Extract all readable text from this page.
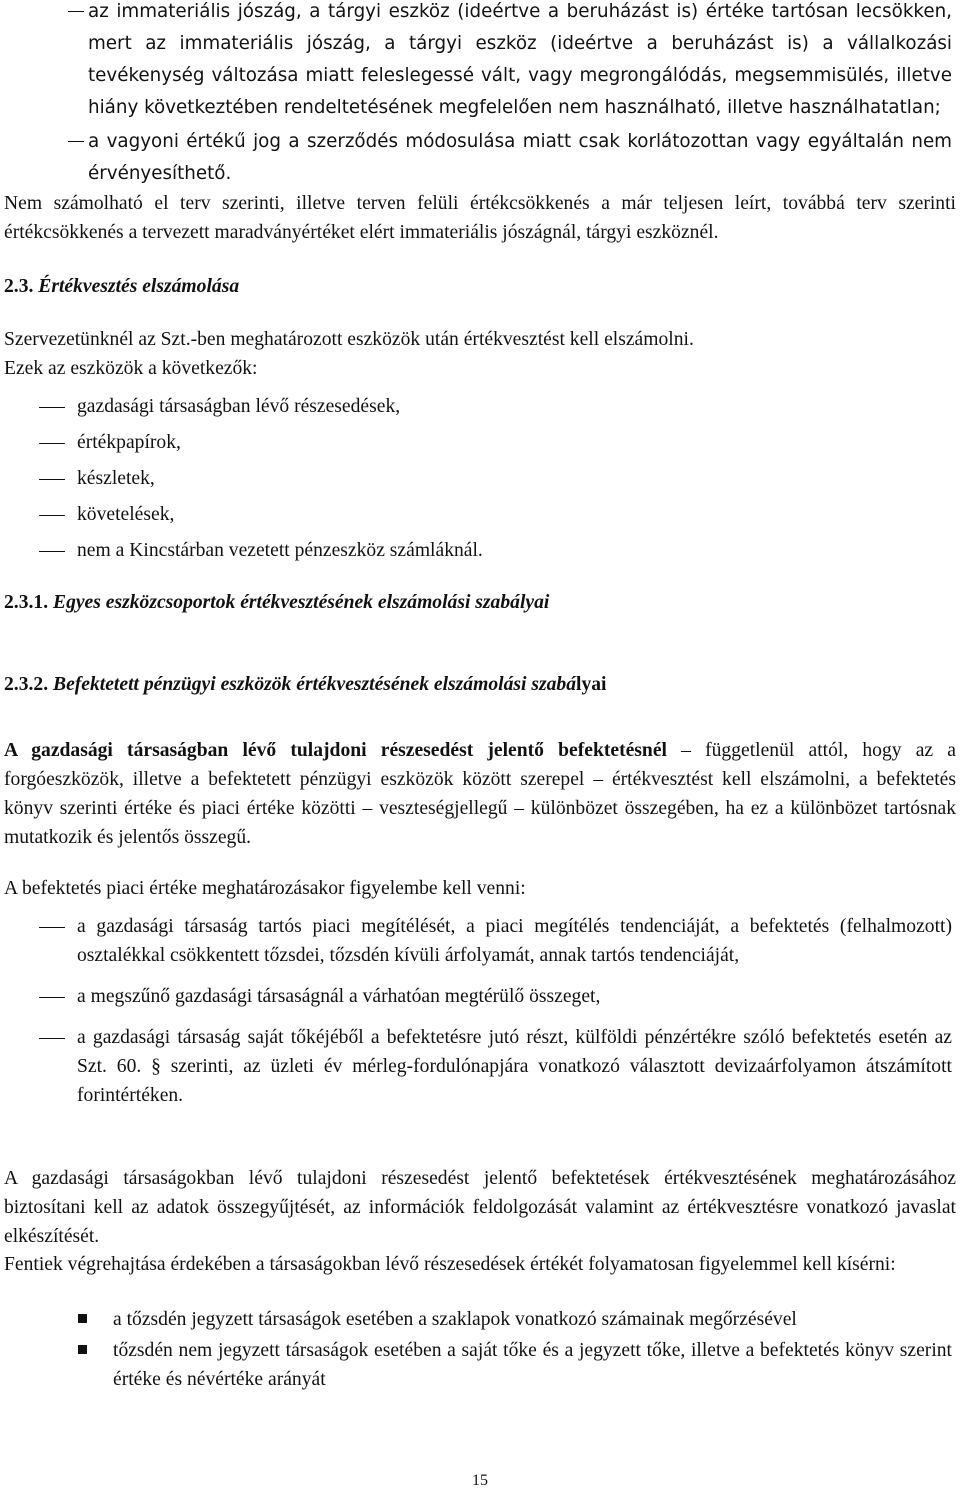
az immateriális jószág, a tárgyi eszköz (ideértve a beruházást is) értéke tartósan lecsökken, mert az immateriális jószág, a tárgyi eszköz (ideértve a beruházást is) a vállalkozási tevékenység változása miatt feleslegessé vált, vagy megrongálódás, megsemmisülés, illetve hiány következtében rendeltetésének megfelelően nem használható, illetve használhatatlan;
a vagyoni értékű jog a szerződés módosulása miatt csak korlátozottan vagy egyáltalán nem érvényesíthető.
Nem számolható el terv szerinti, illetve terven felüli értékcsökkenés a már teljesen leírt, továbbá terv szerinti értékcsökkenés a tervezett maradványértéket elért immateriális jószágnál, tárgyi eszköznél.
2.3. Értékvesztés elszámolása
Szervezetünknél az Szt.-ben meghatározott eszközök után értékvesztést kell elszámolni.
Ezek az eszközök a következők:
gazdasági társaságban lévő részesedések,
értékpapírok,
készletek,
követelések,
nem a Kincstárban vezetett pénzeszköz számláknál.
2.3.1. Egyes eszközcsoportok értékvesztésének elszámolási szabályai
2.3.2. Befektetett pénzügyi eszközök értékvesztésének elszámolási szabályai
A gazdasági társaságban lévő tulajdoni részesedést jelentő befektetésnél – függetlenül attól, hogy az a forgóeszközök, illetve a befektetett pénzügyi eszközök között szerepel – értékvesztést kell elszámolni, a befektetés könyv szerinti értéke és piaci értéke közötti – veszteségjellegű – különbözet összegében, ha ez a különbözet tartósnak mutatkozik és jelentős összegű.
A befektetés piaci értéke meghatározásakor figyelembe kell venni:
a gazdasági társaság tartós piaci megítélését, a piaci megítélés tendenciáját, a befektetés (felhalmozott) osztalékkal csökkentett tőzsdei, tőzsdén kívüli árfolyamát, annak tartós tendenciáját,
a megszűnő gazdasági társaságnál a várhatóan megtérülő összeget,
a gazdasági társaság saját tőkéjéből a befektetésre jutó részt, külföldi pénzértékre szóló befektetés esetén az Szt. 60. § szerinti, az üzleti év mérleg-fordulónapjára vonatkozó választott devizaárfolyamon átszámított forintértéken.
A gazdasági társaságokban lévő tulajdoni részesedést jelentő befektetések értékvesztésének meghatározásához biztosítani kell az adatok összegyűjtését, az információk feldolgozását valamint az értékvesztésre vonatkozó javaslat elkészítését.
Fentiek végrehajtása érdekében a társaságokban lévő részesedések értékét folyamatosan figyelemmel kell kísérni:
a tőzsdén jegyzett társaságok esetében a szaklapok vonatkozó számainak megőrzésével
tőzsdén nem jegyzett társaságok esetében a saját tőke és a jegyzett tőke, illetve a befektetés könyv szerint értéke és névértéke arányát
15
